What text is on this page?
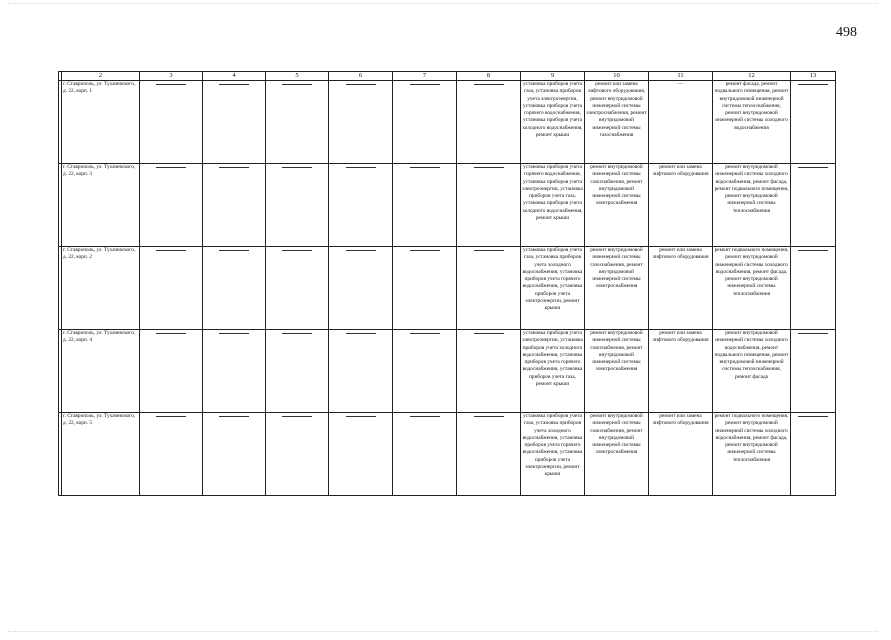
498
	2	3	4	5	6	7	8	9	10	11	12	13
	г. Ставрополь, ул. Тухачевского, д. 22, корп. 1							установка приборов учета газа, установка приборов учета электроэнергии, установка приборов учета горячего водоснабжения, установка приборов учета холодного водоснабжения, ремонт крыши	ремонт или замена лифтового оборудования, ремонт внутридомовой инженерной системы электроснабжения, ремонт внутридомовой инженерной системы газоснабжения	—	ремонт фасада, ремонт подвального помещения, ремонт внутридомовой инженерной системы теплоснабжения, ремонт внутридомовой инженерной системы холодного водоснабжения	
	г. Ставрополь, ул. Тухачевского, д. 22, корп. 3							установка приборов учета горячего водоснабжения, установка приборов учета электроэнергии, установка приборов учета газа, установка приборов учета холодного водоснабжения, ремонт крыши	ремонт внутридомовой инженерной системы газоснабжения, ремонт внутридомовой инженерной системы электроснабжения	ремонт или замена лифтового оборудования	ремонт внутридомовой инженерной системы холодного водоснабжения, ремонт фасада, ремонт подвального помещения, ремонт внутридомовой инженерной системы теплоснабжения	
	г. Ставрополь, ул. Тухачевского, д. 22, корп. 2							установка приборов учета газа, установка приборов учета холодного водоснабжения, установка приборов учета горячего водоснабжения, установка приборов учета электроэнергии, ремонт крыши	ремонт внутридомовой инженерной системы газоснабжения, ремонт внутридомовой инженерной системы электроснабжения	ремонт или замена лифтового оборудования	ремонт подвального помещения, ремонт внутридомовой инженерной системы холодного водоснабжения, ремонт фасада, ремонт внутридомовой инженерной системы теплоснабжения	
	г. Ставрополь, ул. Тухачевского, д. 22, корп. 4							установка приборов учета электроэнергии, установка приборов учета холодного водоснабжения, установка приборов учета горячего водоснабжения, установка приборов учета газа, ремонт крыши	ремонт внутридомовой инженерной системы газоснабжения, ремонт внутридомовой инженерной системы электроснабжения	ремонт или замена лифтового оборудования	ремонт внутридомовой инженерной системы холодного водоснабжения, ремонт подвального помещения, ремонт внутридомовой инженерной системы теплоснабжения, ремонт фасада	
	г. Ставрополь, ул. Тухачевского, д. 22, корп. 5							установка приборов учета газа, установка приборов учета холодного водоснабжения, установка приборов учета горячего водоснабжения, установка приборов учета электроэнергии, ремонт крыши	ремонт внутридомовой инженерной системы газоснабжения, ремонт внутридомовой инженерной системы электроснабжения	ремонт или замена лифтового оборудования	ремонт подвального помещения, ремонт внутридомовой инженерной системы холодного водоснабжения, ремонт фасада, ремонт внутридомовой инженерной системы теплоснабжения	
